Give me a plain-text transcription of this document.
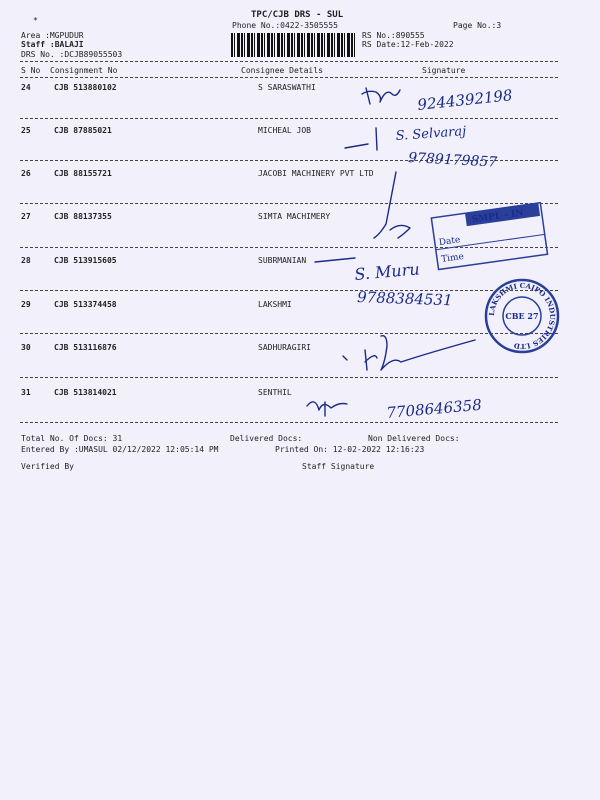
*
TPC/CJB DRS - SUL
Phone No.:0422-3505555	Page No.:3
Area :MGPUDUR
Staff :BALAJI
DRS No. :DCJB89055503
RS No.:890555
RS Date:12-Feb-2022
S No Consignment No	Consignee Details	Signature
24	CJB 513880102	S SARASWATHI
25	CJB 87885021	MICHEAL JOB
26	CJB 88155721	JACOBI MACHINERY PVT LTD
27	CJB 88137355	SIMTA MACHIMERY
28	CJB 513915605	SUBRMANIAN
29	CJB 513374458	LAKSHMI
30	CJB 513116876	SADHURAGIRI
31	CJB 513814021	SENTHIL
9244392198
S. Selvaraj
9789179857
S. Muru
9788384531
7708646358
SMPL - IN
Date
Time
LAKSHMI CAIPO INDUSTRIES LTD
CBE 27
Total No. Of Docs: 31	Delivered Docs:	Non Delivered Docs:
Entered By :UMASUL 02/12/2022 12:05:14 PM	Printed On: 12-02-2022 12:16:23
Verified By	Staff Signature
